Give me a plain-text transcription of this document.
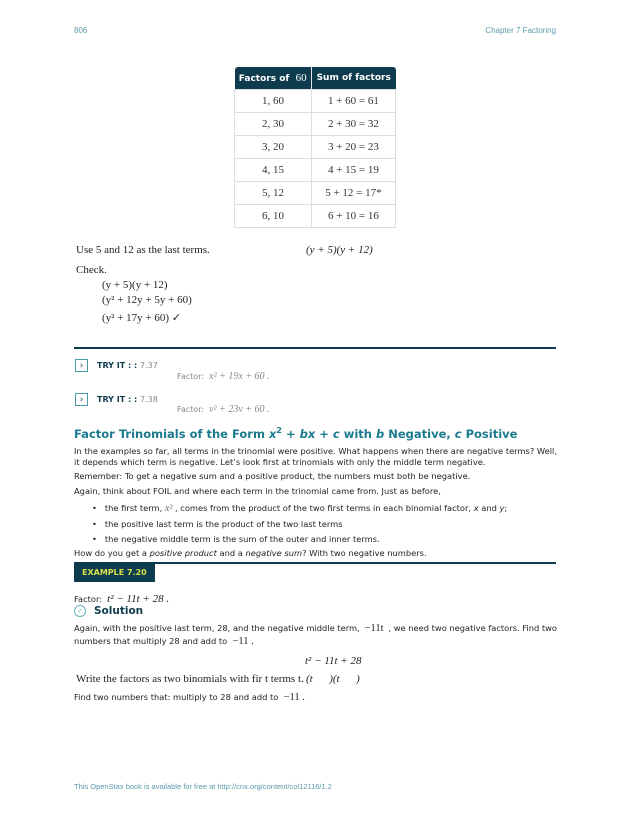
806	Chapter 7 Factoring
Factors of 60	Sum of factors
1, 60	1 + 60 = 61
2, 30	2 + 30 = 32
3, 20	3 + 20 = 23
4, 15	4 + 15 = 19
5, 12	5 + 12 = 17*
6, 10	6 + 10 = 16
Use 5 and 12 as the last terms.	(y + 5)(y + 12)
Check.
(y + 5)(y + 12)
(y² + 12y + 5y + 60)
(y² + 17y + 60) ✓
› TRY IT : : 7.37
Factor: x² + 19x + 60 .
› TRY IT : : 7.38
Factor: v² + 23v + 60 .
Factor Trinomials of the Form $x^2$ + bx + c with b Negative, c Positive
In the examples so far, all terms in the trinomial were positive. What happens when there are negative terms? Well, it depends which term is negative. Let’s look first at trinomials with only the middle term negative.
Remember: To get a negative sum and a positive product, the numbers must both be negative.
Again, think about FOIL and where each term in the trinomial came from. Just as before,
•   the first term, x² , comes from the product of the two first terms in each binomial factor, x and y;
•   the positive last term is the product of the two last terms
•   the negative middle term is the sum of the outer and inner terms.
How do you get a positive product and a negative sum? With two negative numbers.
EXAMPLE 7.20
Factor: t² − 11t + 28 .
✓ Solution
Again, with the positive last term, 28, and the negative middle term, −11t , we need two negative factors. Find two
numbers that multiply 28 and add to −11 .
t² − 11t + 28
Write the factors as two binomials with fir t terms t. (t      )(t      )
Find two numbers that: multiply to 28 and add to −11 .
This OpenStax book is available for free at http://cnx.org/content/col12116/1.2
